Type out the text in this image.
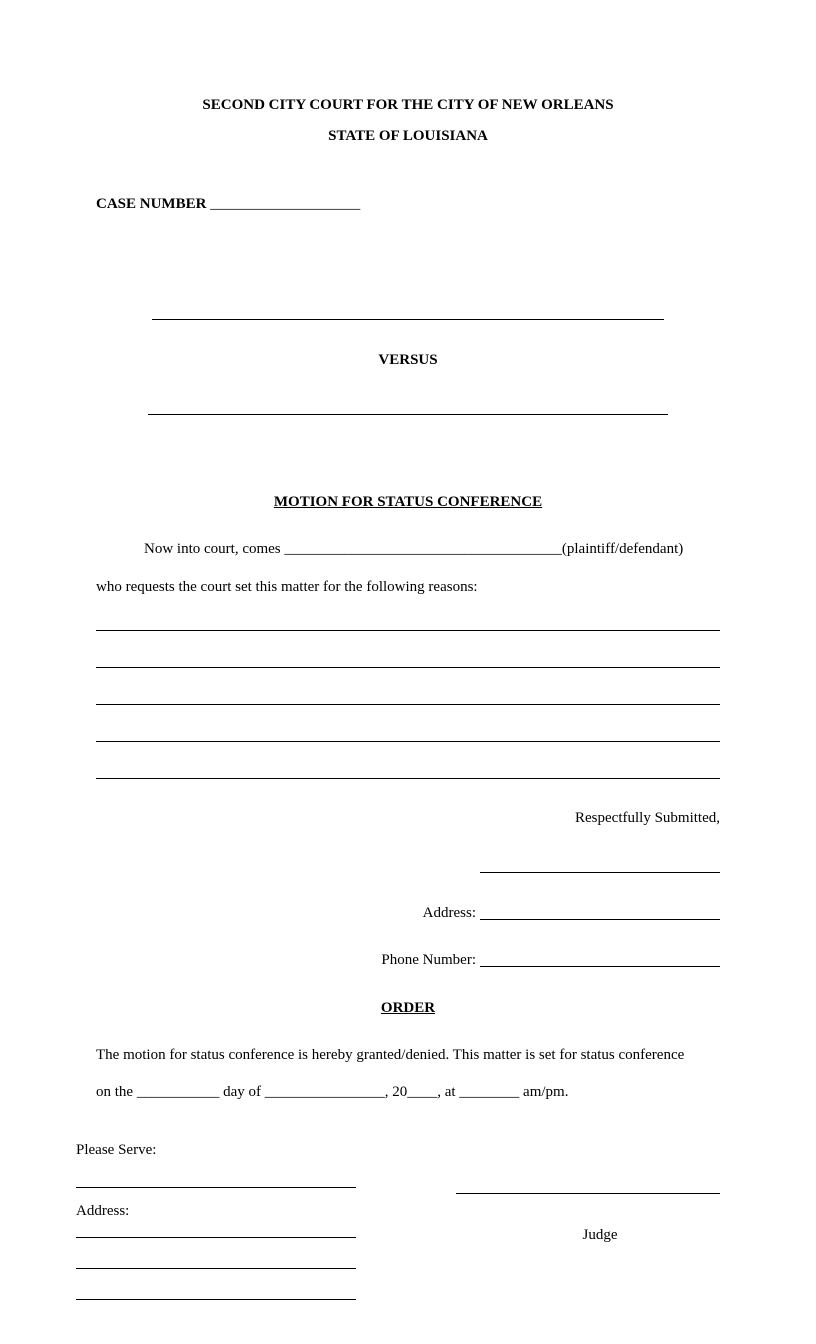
SECOND CITY COURT FOR THE CITY OF NEW ORLEANS
STATE OF LOUISIANA
CASE NUMBER ____________________
VERSUS
MOTION FOR STATUS CONFERENCE
Now into court, comes _____________________________________(plaintiff/defendant)
who requests the court set this matter for the following reasons:
Respectfully Submitted,
Address:
Phone Number:
ORDER
The motion for status conference is hereby granted/denied. This matter is set for status conference
on the ___________ day of ________________, 20____, at ________ am/pm.
Please Serve:
Address:
Judge
